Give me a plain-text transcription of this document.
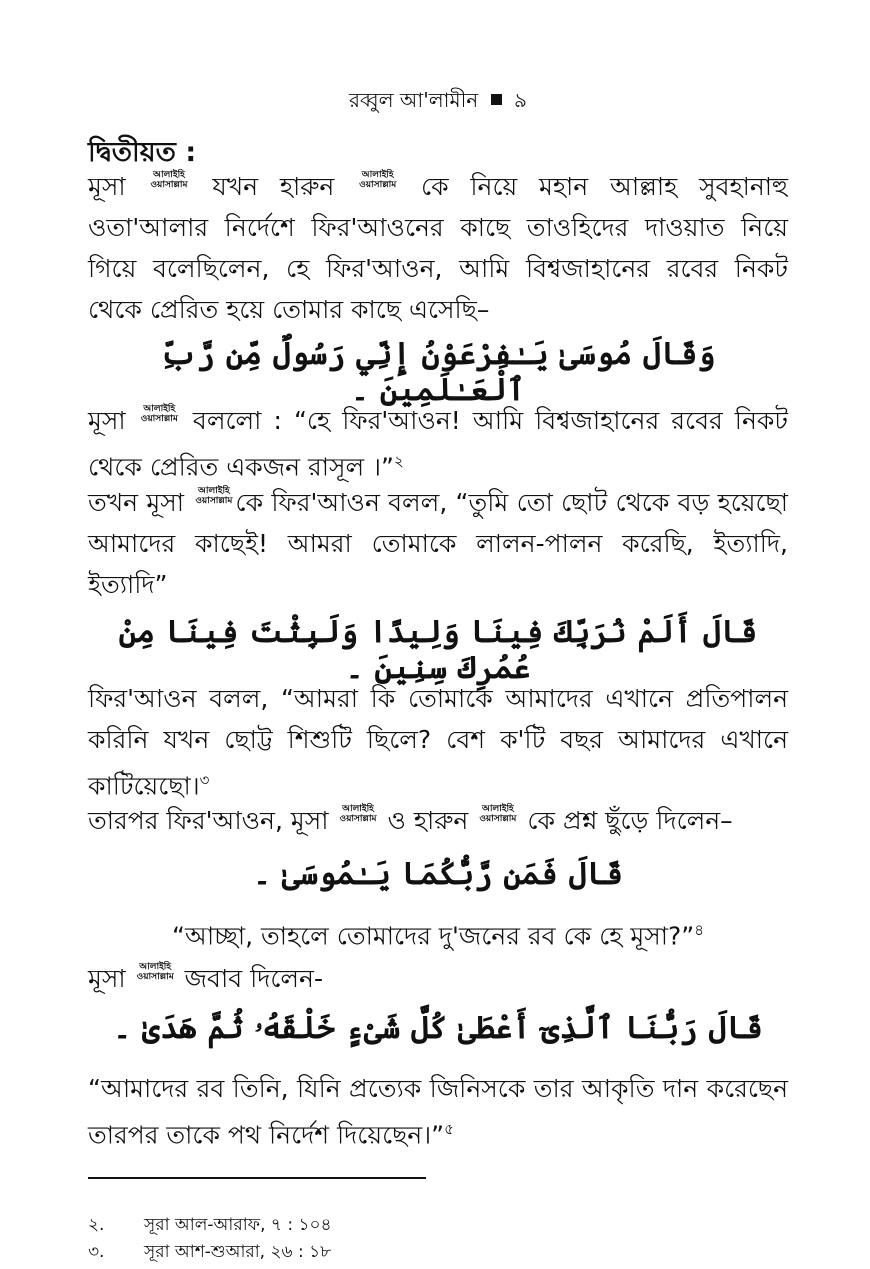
রব্বুল আ'লামীন ৯
দ্বিতীয়ত :
মূসা	আলাইহি
ওয়াসাল্লাম যখন হারুন	আলাইহি
ওয়াসাল্লাম কে নিয়ে মহান আল্লাহ সুবহানাহু ওতা'আলার নির্দেশে ফির'আওনের কাছে তাওহিদের দাওয়াত নিয়ে গিয়ে বলেছিলেন, হে ফির'আওন, আমি বিশ্বজাহানের রবের নিকট থেকে প্রেরিত হয়ে তোমার কাছে এসেছি–
وَقَالَ مُوسَىٰ يَـٰفِرْعَوْنُ إِنِّي رَسُولٌ مِّن رَّبِّ ٱلْعَـٰلَمِينَ ۔
মূসা আলাইহি
ওয়াসাল্লাম বললো : “হে ফির'আওন! আমি বিশ্বজাহানের রবের নিকট থেকে প্রেরিত একজন রাসূল ।”$^২$
তখন মূসা আলাইহি
ওয়াসাল্লাম কে ফির'আওন বলল, “তুমি তো ছোট থেকে বড় হয়েছো আমাদের কাছেই! আমরা তোমাকে লালন-পালন করেছি, ইত্যাদি, ইত্যাদি”
قَالَ أَلَمْ نُرَبِّكَ فِينَا وَلِيدًا وَلَبِثْتَ فِينَا مِنْ عُمُرِكَ سِنِينَ ۔
ফির'আওন বলল, “আমরা কি তোমাকে আমাদের এখানে প্রতিপালন করিনি যখন ছোট্ট শিশুটি ছিলে? বেশ ক'টি বছর আমাদের এখানে কাটিয়েছো।$^৩$
তারপর ফির'আওন, মূসা আলাইহি
ওয়াসাল্লাম ও হারুন আলাইহি
ওয়াসাল্লাম কে প্রশ্ন ছুঁড়ে দিলেন–
قَالَ فَمَن رَّبُّكُمَا يَـٰمُوسَىٰ ۔
“আচ্ছা, তাহলে তোমাদের দু'জনের রব কে হে মূসা?”$^৪$
মূসা আলাইহি
ওয়াসাল্লাম জবাব দিলেন-
قَالَ رَبُّنَا ٱلَّذِىٓ أَعْطَىٰ كُلَّ شَىْءٍ خَلْقَهُۥ ثُمَّ هَدَىٰ ۔
“আমাদের রব তিনি, যিনি প্রত্যেক জিনিসকে তার আকৃতি দান করেছেন তারপর তাকে পথ নির্দেশ দিয়েছেন।”$^৫$
২. সূরা আল-আরাফ, ৭ : ১০৪
৩. সূরা আশ-শুআরা, ২৬ : ১৮
